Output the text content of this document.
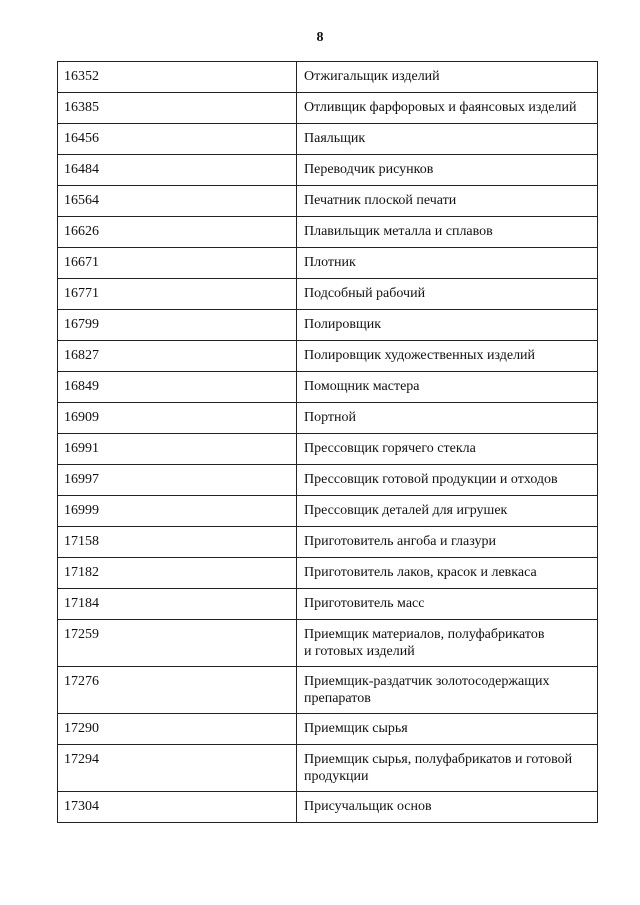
8
16352	Отжигальщик изделий

16385	Отливщик фарфоровых и фаянсовых изделий

16456	Паяльщик

16484	Переводчик рисунков

16564	Печатник плоской печати

16626	Плавильщик металла и сплавов

16671	Плотник

16771	Подсобный рабочий

16799	Полировщик

16827	Полировщик художественных изделий

16849	Помощник мастера

16909	Портной

16991	Прессовщик горячего стекла

16997	Прессовщик готовой продукции и отходов

16999	Прессовщик деталей для игрушек

17158	Приготовитель ангоба и глазури

17182	Приготовитель лаков, красок и левкаса

17184	Приготовитель масс

17259	Приемщик материалов, полуфабрикатов
и готовых изделий

17276	Приемщик-раздатчик золотосодержащих
препаратов

17290	Приемщик сырья

17294	Приемщик сырья, полуфабрикатов и готовой
продукции

17304	Присучальщик основ
